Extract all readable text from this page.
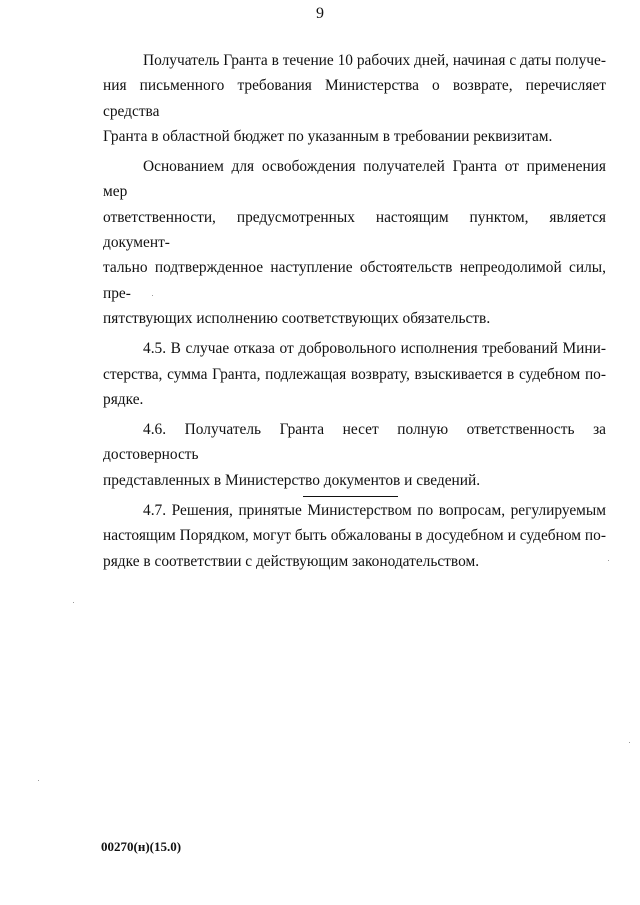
9

Получатель Гранта в течение 10 рабочих дней, начиная с даты получе-
ния письменного требования Министерства о возврате, перечисляет средства
Гранта в областной бюджет по указанным в требовании реквизитам.

Основанием для освобождения получателей Гранта от применения мер
ответственности, предусмотренных настоящим пунктом, является документ-
тально подтвержденное наступление обстоятельств непреодолимой силы, пре-
пятствующих исполнению соответствующих обязательств.

4.5. В случае отказа от добровольного исполнения требований Мини-
стерства, сумма Гранта, подлежащая возврату, взыскивается в судебном по-
рядке.

4.6. Получатель Гранта несет полную ответственность за достоверность
представленных в Министерство документов и сведений.

4.7. Решения, принятые Министерством по вопросам, регулируемым
настоящим Порядком, могут быть обжалованы в досудебном и судебном по-
рядке в соответствии с действующим законодательством.

00270(н)(15.0)
